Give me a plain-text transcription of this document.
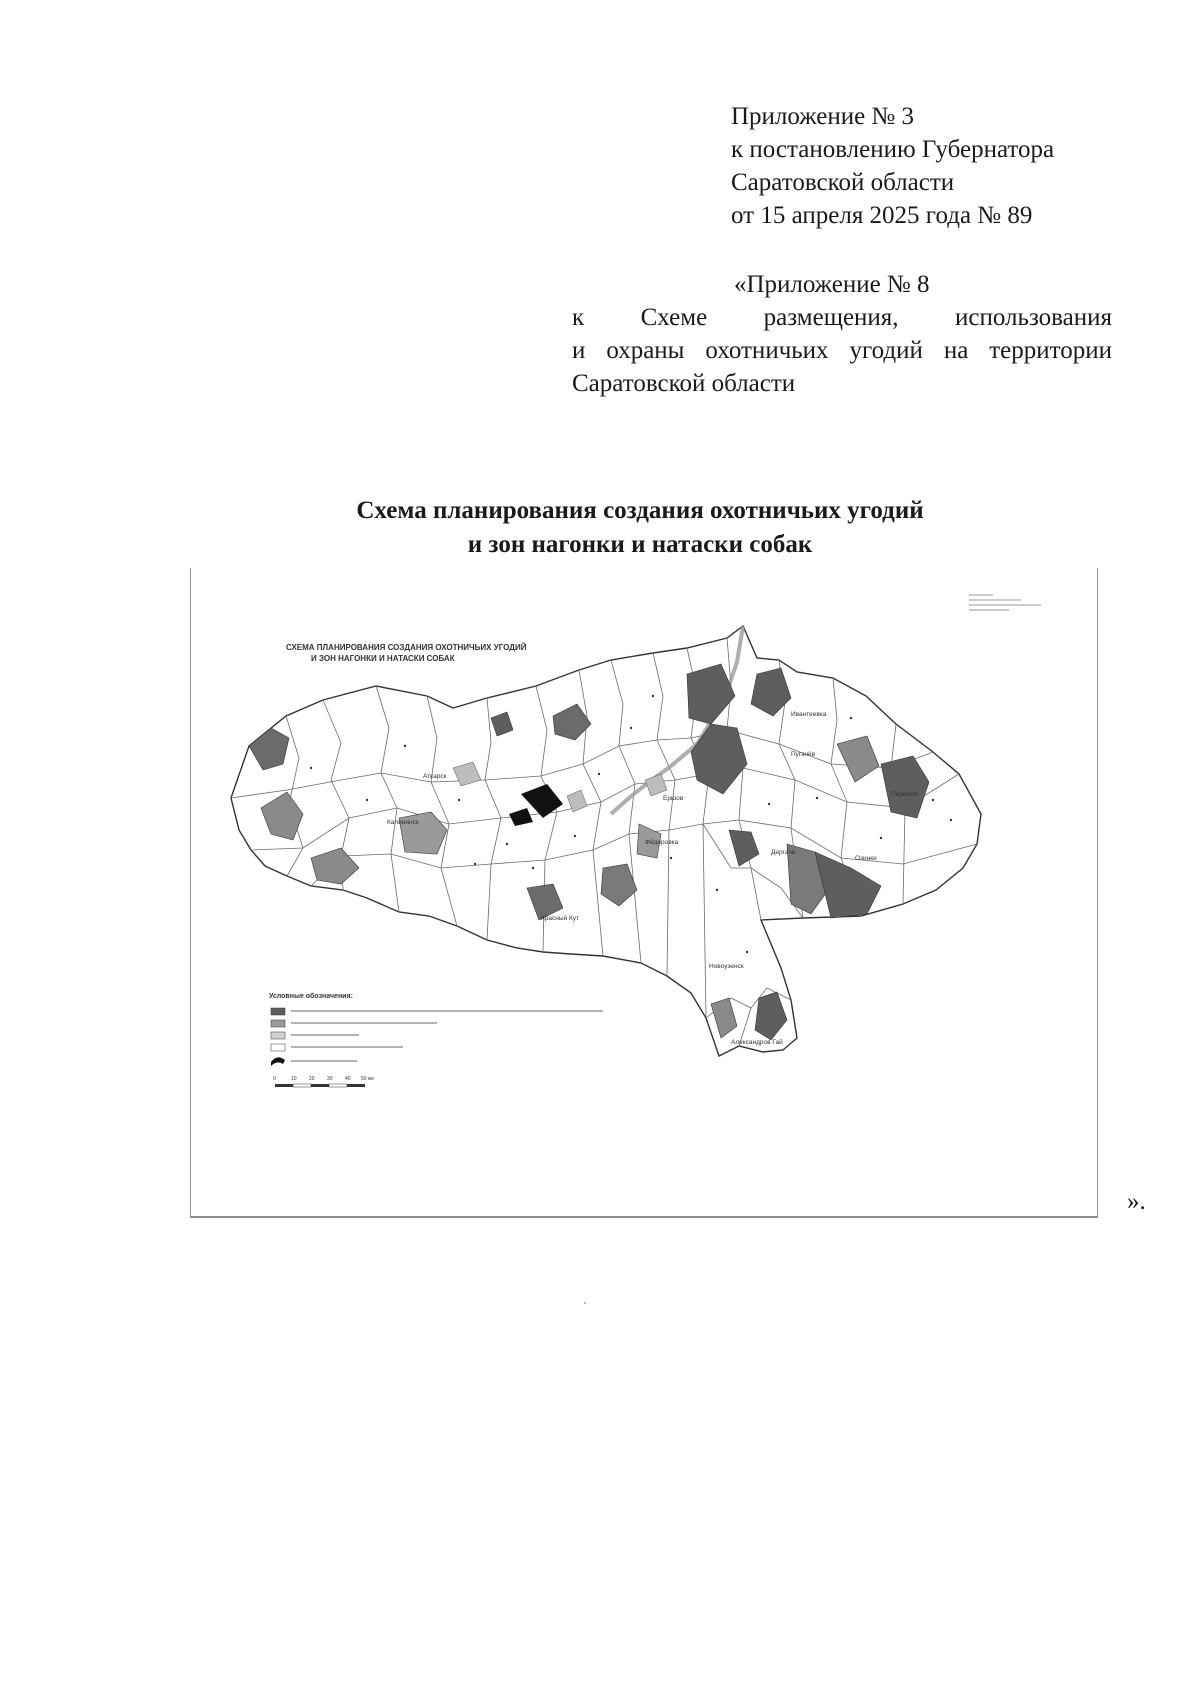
Приложение № 3
к постановлению Губернатора
Саратовской области
от 15 апреля 2025 года № 89
«Приложение № 8
к Схеме размещения, использования
и охраны охотничьих угодий на территории
Саратовской области
Схема планирования создания охотничьих угодий
и зон нагонки и натаски собак
СХЕМА ПЛАНИРОВАНИЯ СОЗДАНИЯ ОХОТНИЧЬИХ УГОДИЙ
И ЗОН НАГОНКИ И НАТАСКИ СОБАК
Аткарск
Калининск
Красный Кут
Фёдоровка
Ершов
Пугачёв
Ивантеевка
Озинки
Перелюб
Дергачи
Новоузенск
Александров Гай
Условные обозначения:
0	10 20 30 40 50 км
».
